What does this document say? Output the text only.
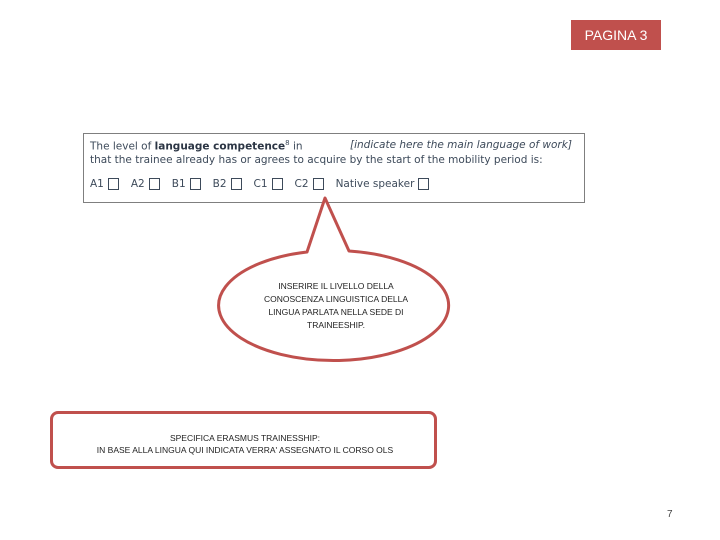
PAGINA 3
The level of language competence$^8$ in	[indicate here the main language of work]
that the trainee already has or agrees to acquire by the start of the mobility period is:
A1	A2	B1	B2	C1	C2	Native speaker
INSERIRE IL LIVELLO DELLA
CONOSCENZA LINGUISTICA DELLA
LINGUA PARLATA NELLA SEDE DI
TRAINEESHIP.
SPECIFICA ERASMUS TRAINESSHIP:
IN BASE ALLA LINGUA QUI INDICATA VERRA' ASSEGNATO IL CORSO OLS
7
